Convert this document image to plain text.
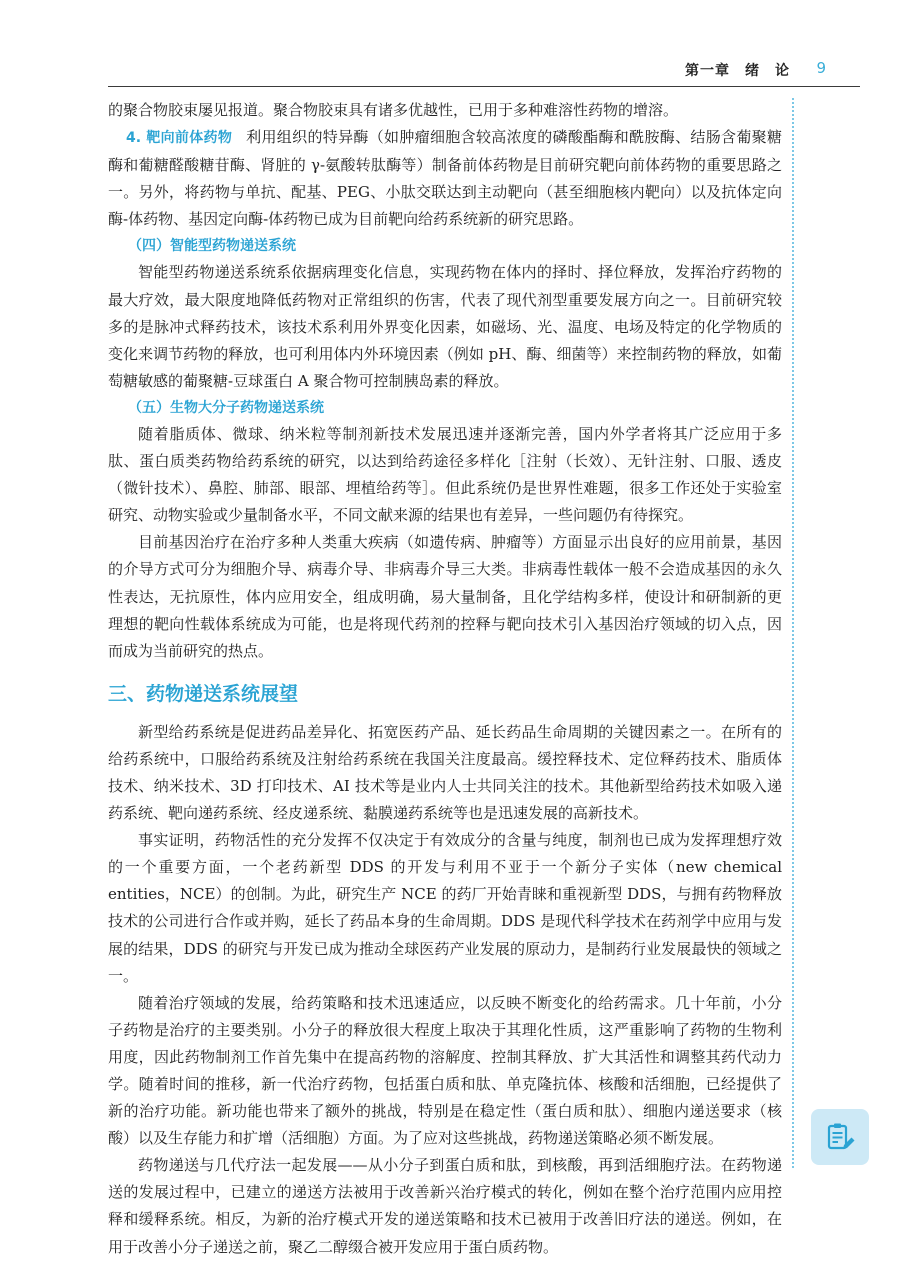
第一章　绪　论 9

的聚合物胶束屡见报道。聚合物胶束具有诸多优越性，已用于多种难溶性药物的增溶。

4. 靶向前体药物 利用组织的特异酶（如肿瘤细胞含较高浓度的磷酸酯酶和酰胺酶、结肠含葡聚糖酶和葡糖醛酸糖苷酶、肾脏的 γ-氨酸转肽酶等）制备前体药物是目前研究靶向前体药物的重要思路之一。另外，将药物与单抗、配基、PEG、小肽交联达到主动靶向（甚至细胞核内靶向）以及抗体定向酶-体药物、基因定向酶-体药物已成为目前靶向给药系统新的研究思路。

（四）智能型药物递送系统

智能型药物递送系统系依据病理变化信息，实现药物在体内的择时、择位释放，发挥治疗药物的最大疗效，最大限度地降低药物对正常组织的伤害，代表了现代剂型重要发展方向之一。目前研究较多的是脉冲式释药技术，该技术系利用外界变化因素，如磁场、光、温度、电场及特定的化学物质的变化来调节药物的释放，也可利用体内外环境因素（例如 pH、酶、细菌等）来控制药物的释放，如葡萄糖敏感的葡聚糖-豆球蛋白 A 聚合物可控制胰岛素的释放。

（五）生物大分子药物递送系统

随着脂质体、微球、纳米粒等制剂新技术发展迅速并逐渐完善，国内外学者将其广泛应用于多肽、蛋白质类药物给药系统的研究，以达到给药途径多样化［注射（长效）、无针注射、口服、透皮（微针技术）、鼻腔、肺部、眼部、埋植给药等］。但此系统仍是世界性难题，很多工作还处于实验室研究、动物实验或少量制备水平，不同文献来源的结果也有差异，一些问题仍有待探究。

目前基因治疗在治疗多种人类重大疾病（如遗传病、肿瘤等）方面显示出良好的应用前景，基因的介导方式可分为细胞介导、病毒介导、非病毒介导三大类。非病毒性载体一般不会造成基因的永久性表达，无抗原性，体内应用安全，组成明确，易大量制备，且化学结构多样，使设计和研制新的更理想的靶向性载体系统成为可能，也是将现代药剂的控释与靶向技术引入基因治疗领域的切入点，因而成为当前研究的热点。

三、药物递送系统展望

新型给药系统是促进药品差异化、拓宽医药产品、延长药品生命周期的关键因素之一。在所有的给药系统中，口服给药系统及注射给药系统在我国关注度最高。缓控释技术、定位释药技术、脂质体技术、纳米技术、3D 打印技术、AI 技术等是业内人士共同关注的技术。其他新型给药技术如吸入递药系统、靶向递药系统、经皮递系统、黏膜递药系统等也是迅速发展的高新技术。

事实证明，药物活性的充分发挥不仅决定于有效成分的含量与纯度，制剂也已成为发挥理想疗效的一个重要方面，一个老药新型 DDS 的开发与利用不亚于一个新分子实体（new chemical entities，NCE）的创制。为此，研究生产 NCE 的药厂开始青睐和重视新型 DDS，与拥有药物释放技术的公司进行合作或并购，延长了药品本身的生命周期。DDS 是现代科学技术在药剂学中应用与发展的结果，DDS 的研究与开发已成为推动全球医药产业发展的原动力，是制药行业发展最快的领域之一。

随着治疗领域的发展，给药策略和技术迅速适应，以反映不断变化的给药需求。几十年前，小分子药物是治疗的主要类别。小分子的释放很大程度上取决于其理化性质，这严重影响了药物的生物利用度，因此药物制剂工作首先集中在提高药物的溶解度、控制其释放、扩大其活性和调整其药代动力学。随着时间的推移，新一代治疗药物，包括蛋白质和肽、单克隆抗体、核酸和活细胞，已经提供了新的治疗功能。新功能也带来了额外的挑战，特别是在稳定性（蛋白质和肽）、细胞内递送要求（核酸）以及生存能力和扩增（活细胞）方面。为了应对这些挑战，药物递送策略必须不断发展。

药物递送与几代疗法一起发展——从小分子到蛋白质和肽，到核酸，再到活细胞疗法。在药物递送的发展过程中，已建立的递送方法被用于改善新兴治疗模式的转化，例如在整个治疗范围内应用控释和缓释系统。相反，为新的治疗模式开发的递送策略和技术已被用于改善旧疗法的递送。例如，在用于改善小分子递送之前，聚乙二醇缀合被开发应用于蛋白质药物。
